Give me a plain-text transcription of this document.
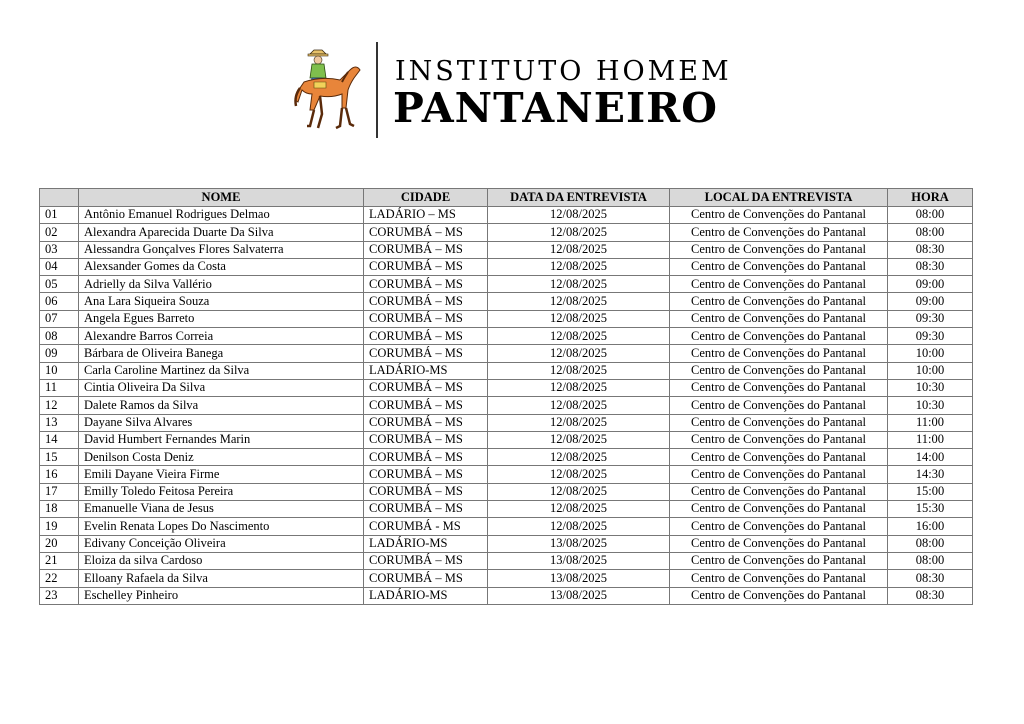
INSTITUTO HOMEM
PANTANEIRO
	NOME	CIDADE	DATA DA ENTREVISTA	LOCAL DA ENTREVISTA	HORA
01	Antônio Emanuel Rodrigues Delmao	LADÁRIO – MS	12/08/2025	Centro de Convenções do Pantanal	08:00
02	Alexandra Aparecida Duarte Da Silva	CORUMBÁ – MS	12/08/2025	Centro de Convenções do Pantanal	08:00
03	Alessandra Gonçalves Flores Salvaterra	CORUMBÁ – MS	12/08/2025	Centro de Convenções do Pantanal	08:30
04	Alexsander Gomes da Costa	CORUMBÁ – MS	12/08/2025	Centro de Convenções do Pantanal	08:30
05	Adrielly da Silva Vallério	CORUMBÁ – MS	12/08/2025	Centro de Convenções do Pantanal	09:00
06	Ana Lara Siqueira Souza	CORUMBÁ – MS	12/08/2025	Centro de Convenções do Pantanal	09:00
07	Angela Egues Barreto	CORUMBÁ – MS	12/08/2025	Centro de Convenções do Pantanal	09:30
08	Alexandre Barros Correia	CORUMBÁ – MS	12/08/2025	Centro de Convenções do Pantanal	09:30
09	Bárbara de Oliveira Banega	CORUMBÁ – MS	12/08/2025	Centro de Convenções do Pantanal	10:00
10	Carla Caroline Martinez da Silva	LADÁRIO-MS	12/08/2025	Centro de Convenções do Pantanal	10:00
11	Cintia Oliveira Da Silva	CORUMBÁ – MS	12/08/2025	Centro de Convenções do Pantanal	10:30
12	Dalete Ramos da Silva	CORUMBÁ – MS	12/08/2025	Centro de Convenções do Pantanal	10:30
13	Dayane Silva Alvares	CORUMBÁ – MS	12/08/2025	Centro de Convenções do Pantanal	11:00
14	David Humbert Fernandes Marin	CORUMBÁ – MS	12/08/2025	Centro de Convenções do Pantanal	11:00
15	Denilson Costa Deniz	CORUMBÁ – MS	12/08/2025	Centro de Convenções do Pantanal	14:00
16	Emili Dayane Vieira Firme	CORUMBÁ – MS	12/08/2025	Centro de Convenções do Pantanal	14:30
17	Emilly Toledo Feitosa Pereira	CORUMBÁ – MS	12/08/2025	Centro de Convenções do Pantanal	15:00
18	Emanuelle Viana de Jesus	CORUMBÁ – MS	12/08/2025	Centro de Convenções do Pantanal	15:30
19	Evelin Renata Lopes Do Nascimento	CORUMBÁ - MS	12/08/2025	Centro de Convenções do Pantanal	16:00
20	Edivany Conceição Oliveira	LADÁRIO-MS	13/08/2025	Centro de Convenções do Pantanal	08:00
21	Eloiza da silva Cardoso	CORUMBÁ – MS	13/08/2025	Centro de Convenções do Pantanal	08:00
22	Elloany Rafaela da Silva	CORUMBÁ – MS	13/08/2025	Centro de Convenções do Pantanal	08:30
23	Eschelley Pinheiro	LADÁRIO-MS	13/08/2025	Centro de Convenções do Pantanal	08:30
